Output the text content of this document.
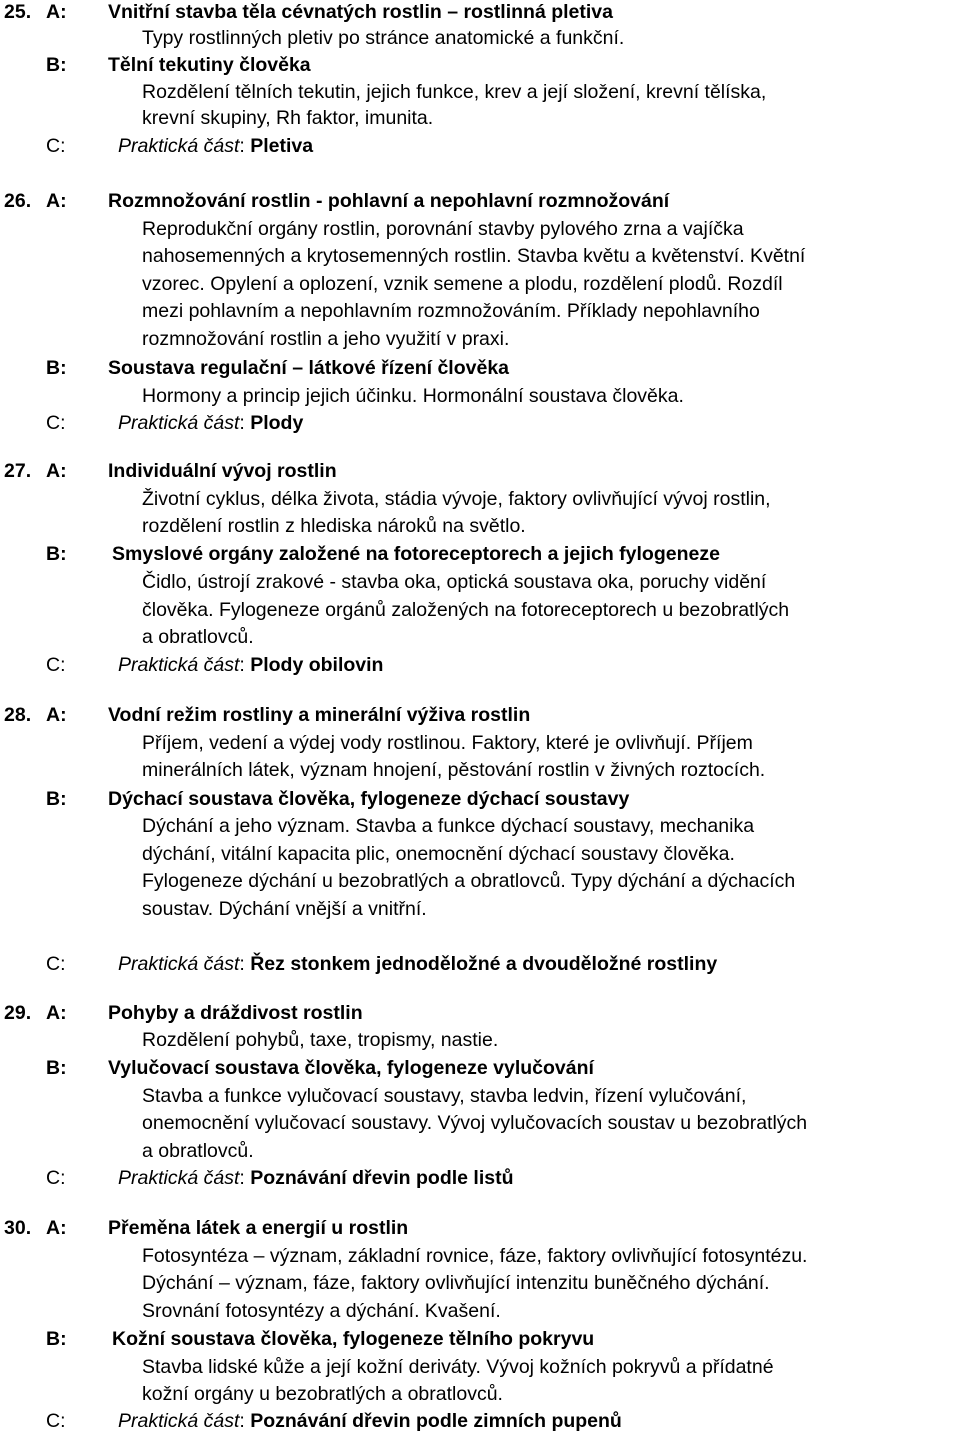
25. A: Vnitřní stavba těla cévnatých rostlin – rostlinná pletiva
Typy rostlinných pletiv po stránce anatomické a funkční.
B: Tělní tekutiny člověka
Rozdělení tělních tekutin, jejich funkce, krev a její složení, krevní tělíska,
krevní skupiny, Rh faktor, imunita.
C:	Praktická část: Pletiva
26. A: Rozmnožování rostlin - pohlavní a nepohlavní rozmnožování
Reprodukční orgány rostlin, porovnání stavby pylového zrna a vajíčka
nahosemenných a krytosemenných rostlin. Stavba květu a květenství. Květní
vzorec. Opylení a oplození, vznik semene a plodu, rozdělení plodů. Rozdíl
mezi pohlavním a nepohlavním rozmnožováním. Příklady nepohlavního
rozmnožování rostlin a jeho využití v praxi.
B: Soustava regulační – látkové řízení člověka
Hormony a princip jejich účinku. Hormonální soustava člověka.
C:	Praktická část: Plody
27. A: Individuální vývoj rostlin
Životní cyklus, délka života, stádia vývoje, faktory ovlivňující vývoj rostlin,
rozdělení rostlin z hlediska nároků na světlo.
B: Smyslové orgány založené na fotoreceptorech a jejich fylogeneze
Čidlo, ústrojí zrakové - stavba oka, optická soustava oka, poruchy vidění
člověka. Fylogeneze orgánů založených na fotoreceptorech u bezobratlých
a obratlovců.
C:	Praktická část: Plody obilovin
28. A: Vodní režim rostliny a minerální výživa rostlin
Příjem, vedení a výdej vody rostlinou. Faktory, které je ovlivňují. Příjem
minerálních látek, význam hnojení, pěstování rostlin v živných roztocích.
B: Dýchací soustava člověka, fylogeneze dýchací soustavy
Dýchání a jeho význam. Stavba a funkce dýchací soustavy, mechanika
dýchání, vitální kapacita plic, onemocnění dýchací soustavy člověka.
Fylogeneze dýchání u bezobratlých a obratlovců. Typy dýchání a dýchacích
soustav. Dýchání vnější a vnitřní.
C:	Praktická část: Řez stonkem jednoděložné a dvouděložné rostliny
29. A: Pohyby a dráždivost rostlin
Rozdělení pohybů, taxe, tropismy, nastie.
B: Vylučovací soustava člověka, fylogeneze vylučování
Stavba a funkce vylučovací soustavy, stavba ledvin, řízení vylučování,
onemocnění vylučovací soustavy. Vývoj vylučovacích soustav u bezobratlých
a obratlovců.
C:	Praktická část: Poznávání dřevin podle listů
30. A: Přeměna látek a energií u rostlin
Fotosyntéza – význam, základní rovnice, fáze, faktory ovlivňující fotosyntézu.
Dýchání – význam, fáze, faktory ovlivňující intenzitu buněčného dýchání.
Srovnání fotosyntézy a dýchání. Kvašení.
B: Kožní soustava člověka, fylogeneze tělního pokryvu
Stavba lidské kůže a její kožní deriváty. Vývoj kožních pokryvů a přídatné
kožní orgány u bezobratlých a obratlovců.
C:	Praktická část: Poznávání dřevin podle zimních pupenů
